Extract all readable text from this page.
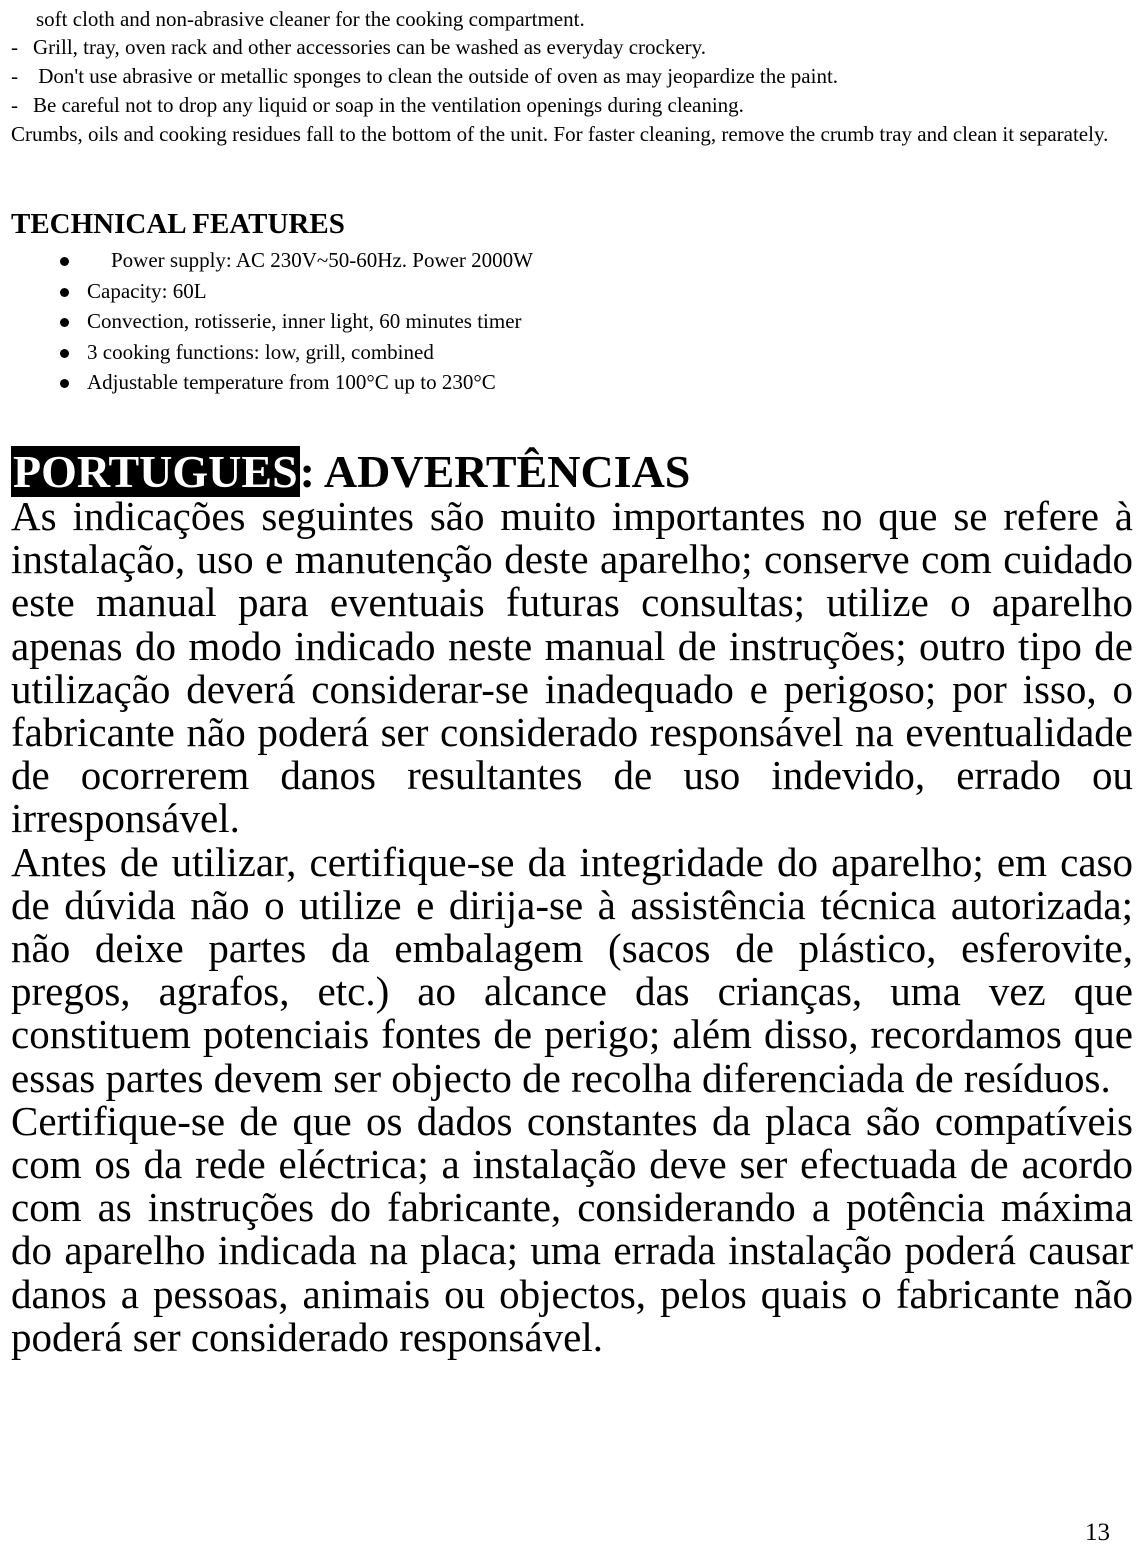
soft cloth and non-abrasive cleaner for the cooking compartment.

- Grill, tray, oven rack and other accessories can be washed as everyday crockery.
- Don't use abrasive or metallic sponges to clean the outside of oven as may jeopardize the paint.
- Be careful not to drop any liquid or soap in the ventilation openings during cleaning.

Crumbs, oils and cooking residues fall to the bottom of the unit. For faster cleaning, remove the crumb tray and clean it separately.

TECHNICAL FEATURES
Power supply: AC 230V~50-60Hz. Power 2000W
Capacity: 60L
Convection, rotisserie, inner light, 60 minutes timer
3 cooking functions: low, grill, combined
Adjustable temperature from 100°C up to 230°C
PORTUGUES: ADVERTÊNCIAS

As indicações seguintes são muito importantes no que se refere à instalação, uso e manutenção deste aparelho; conserve com cuidado este manual para eventuais futuras consultas; utilize o aparelho apenas do modo indicado neste manual de instruções; outro tipo de utilização deverá considerar-se inadequado e perigoso; por isso, o fabricante não poderá ser considerado responsável na eventualidade de ocorrerem danos resultantes de uso indevido, errado ou irresponsável.

Antes de utilizar, certifique-se da integridade do aparelho; em caso de dúvida não o utilize e dirija-se à assistência técnica autorizada; não deixe partes da embalagem (sacos de plástico, esferovite, pregos, agrafos, etc.) ao alcance das crianças, uma vez que constituem potenciais fontes de perigo; além disso, recordamos que essas partes devem ser objecto de recolha diferenciada de resíduos.

Certifique-se de que os dados constantes da placa são compatíveis com os da rede eléctrica; a instalação deve ser efectuada de acordo com as instruções do fabricante, considerando a potência máxima do aparelho indicada na placa; uma errada instalação poderá causar danos a pessoas, animais ou objectos, pelos quais o fabricante não poderá ser considerado responsável.

13
